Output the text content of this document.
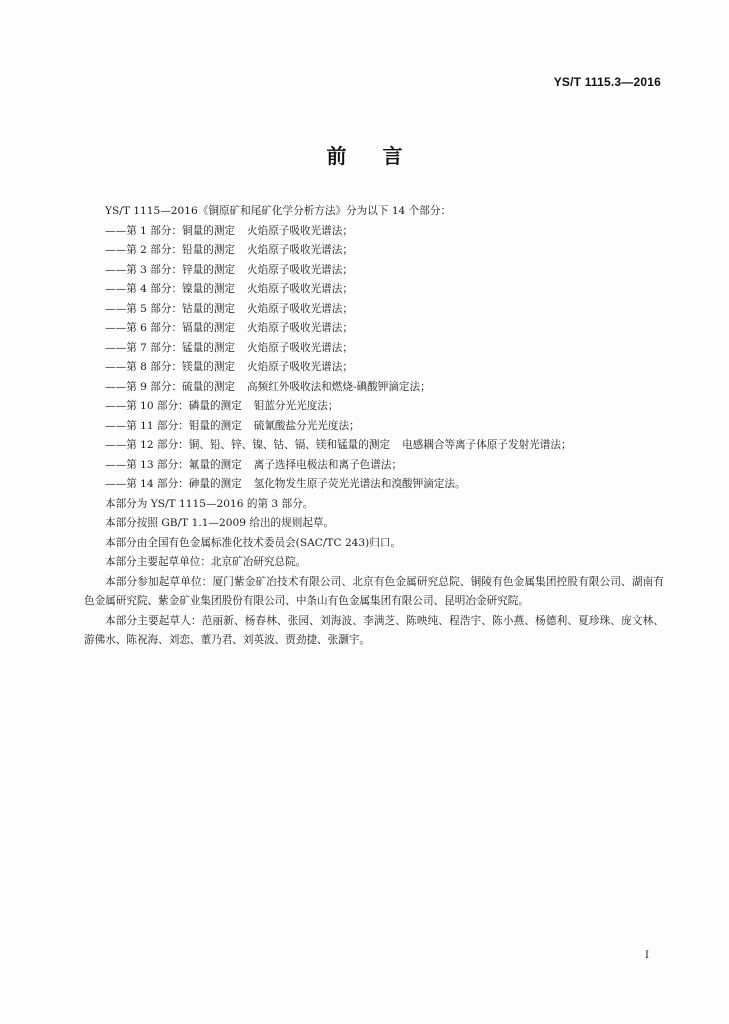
YS/T 1115.3—2016
前言
YS/T 1115—2016《铜原矿和尾矿化学分析方法》分为以下 14 个部分：
——第 1 部分：铜量的测定 火焰原子吸收光谱法；
——第 2 部分：铅量的测定 火焰原子吸收光谱法；
——第 3 部分：锌量的测定 火焰原子吸收光谱法；
——第 4 部分：镍量的测定 火焰原子吸收光谱法；
——第 5 部分：钴量的测定 火焰原子吸收光谱法；
——第 6 部分：镉量的测定 火焰原子吸收光谱法；
——第 7 部分：锰量的测定 火焰原子吸收光谱法；
——第 8 部分：镁量的测定 火焰原子吸收光谱法；
——第 9 部分：硫量的测定 高频红外吸收法和燃烧-碘酸钾滴定法；
——第 10 部分：磷量的测定 钼蓝分光光度法；
——第 11 部分：钼量的测定 硫氰酸盐分光光度法；
——第 12 部分：铜、铅、锌、镍、钴、镉、镁和锰量的测定 电感耦合等离子体原子发射光谱法；
——第 13 部分：氟量的测定 离子选择电极法和离子色谱法；
——第 14 部分：砷量的测定 氢化物发生原子荧光光谱法和溴酸钾滴定法。
本部分为 YS/T 1115—2016 的第 3 部分。
本部分按照 GB/T 1.1—2009 给出的规则起草。
本部分由全国有色金属标准化技术委员会(SAC/TC 243)归口。
本部分主要起草单位：北京矿冶研究总院。
本部分参加起草单位：厦门紫金矿冶技术有限公司、北京有色金属研究总院、铜陵有色金属集团控股有限公司、湖南有色金属研究院、紫金矿业集团股份有限公司、中条山有色金属集团有限公司、昆明冶金研究院。
本部分主要起草人：范丽新、杨春林、张园、刘海波、李满芝、陈映纯、程浩宇、陈小燕、杨德利、夏珍珠、庞文林、游佛水、陈祝海、刘恋、董乃君、刘英波、贾劲捷、张灏宇。
I
